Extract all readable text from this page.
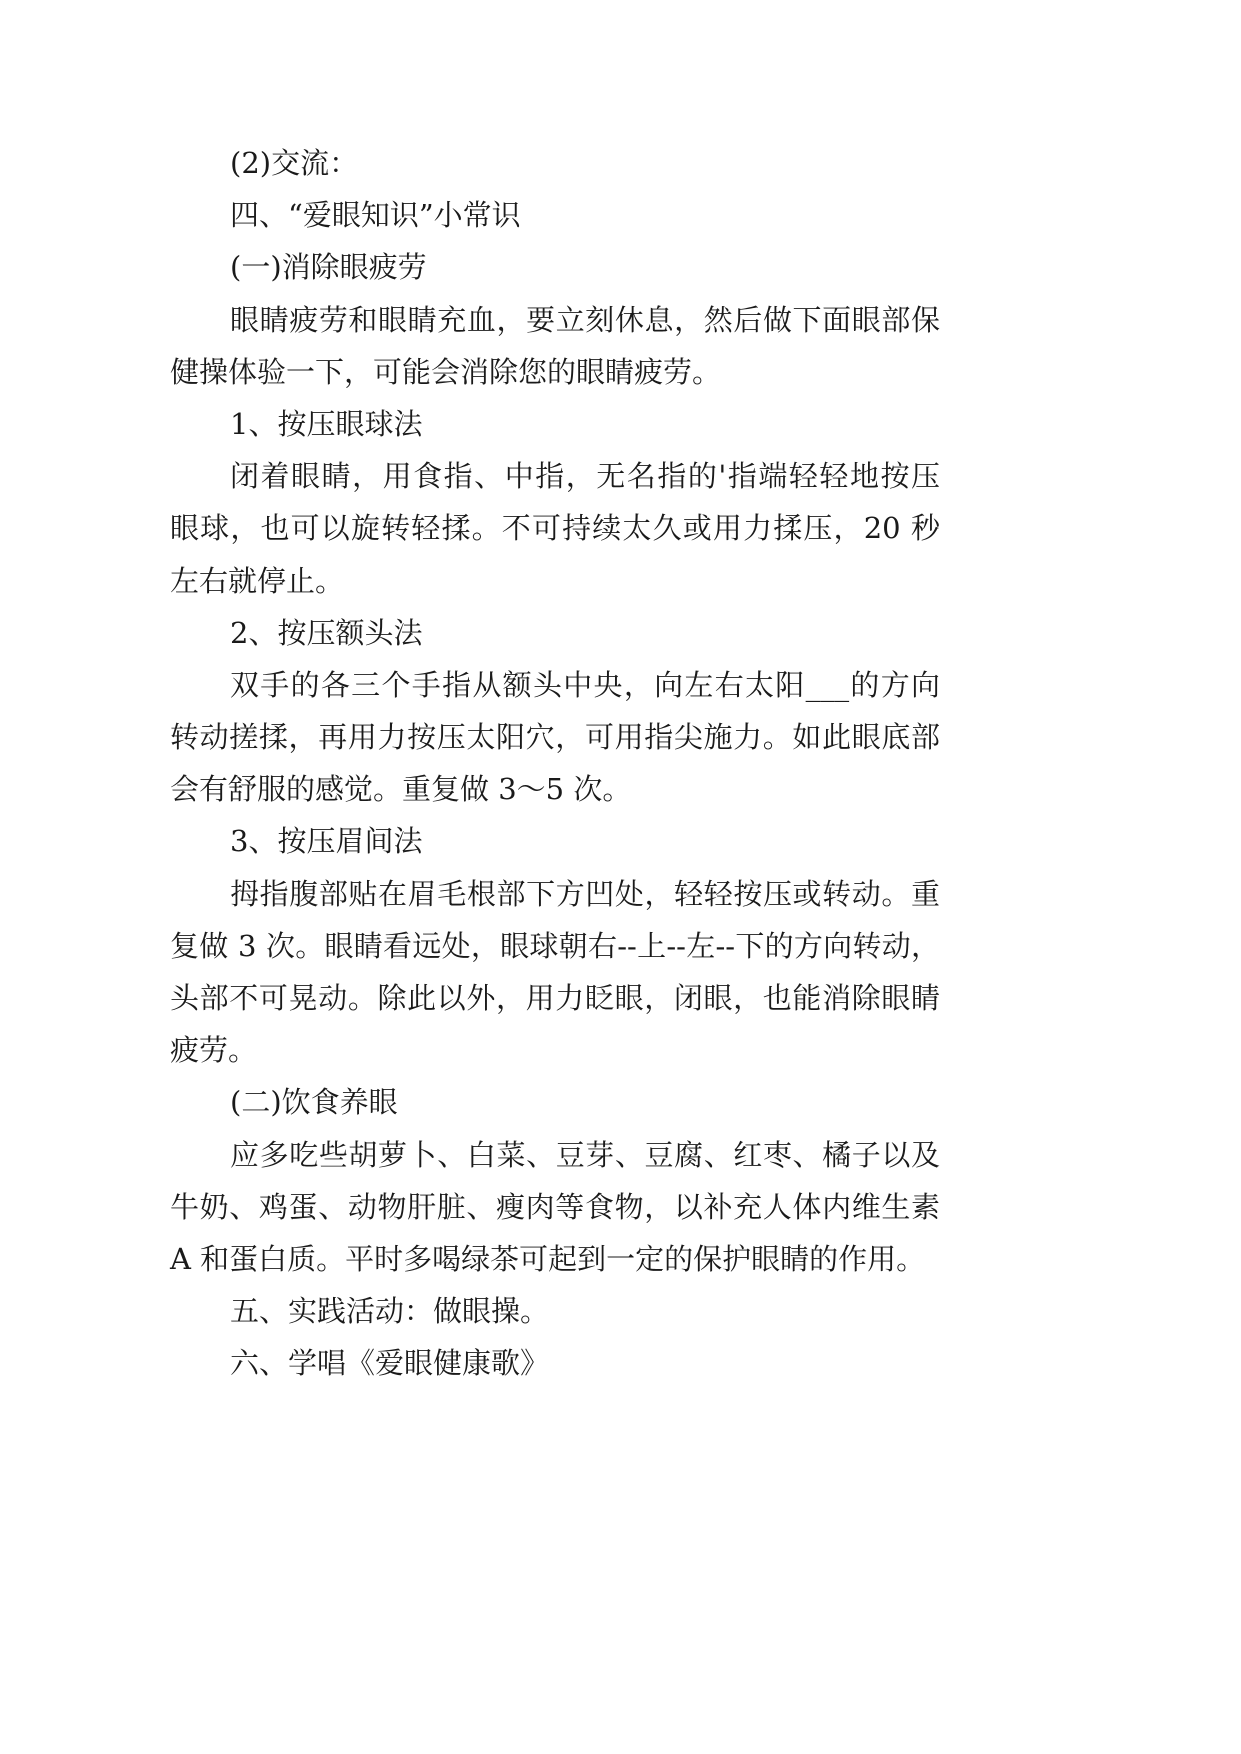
(2)交流：
四、“爱眼知识”小常识
(一)消除眼疲劳
眼睛疲劳和眼睛充血，要立刻休息，然后做下面眼部保
健操体验一下，可能会消除您的眼睛疲劳。
1、按压眼球法
闭着眼睛，用食指、中指，无名指的'指端轻轻地按压
眼球，也可以旋转轻揉。不可持续太久或用力揉压，20 秒
左右就停止。
2、按压额头法
双手的各三个手指从额头中央，向左右太阳___的方向
转动搓揉，再用力按压太阳穴，可用指尖施力。如此眼底部
会有舒服的感觉。重复做 3～5 次。
3、按压眉间法
拇指腹部贴在眉毛根部下方凹处，轻轻按压或转动。重
复做 3 次。眼睛看远处，眼球朝右--上--左--下的方向转动，
头部不可晃动。除此以外，用力眨眼，闭眼，也能消除眼睛
疲劳。
(二)饮食养眼
应多吃些胡萝卜、白菜、豆芽、豆腐、红枣、橘子以及
牛奶、鸡蛋、动物肝脏、瘦肉等食物，以补充人体内维生素
A 和蛋白质。平时多喝绿茶可起到一定的保护眼睛的作用。
五、实践活动：做眼操。
六、学唱《爱眼健康歌》
